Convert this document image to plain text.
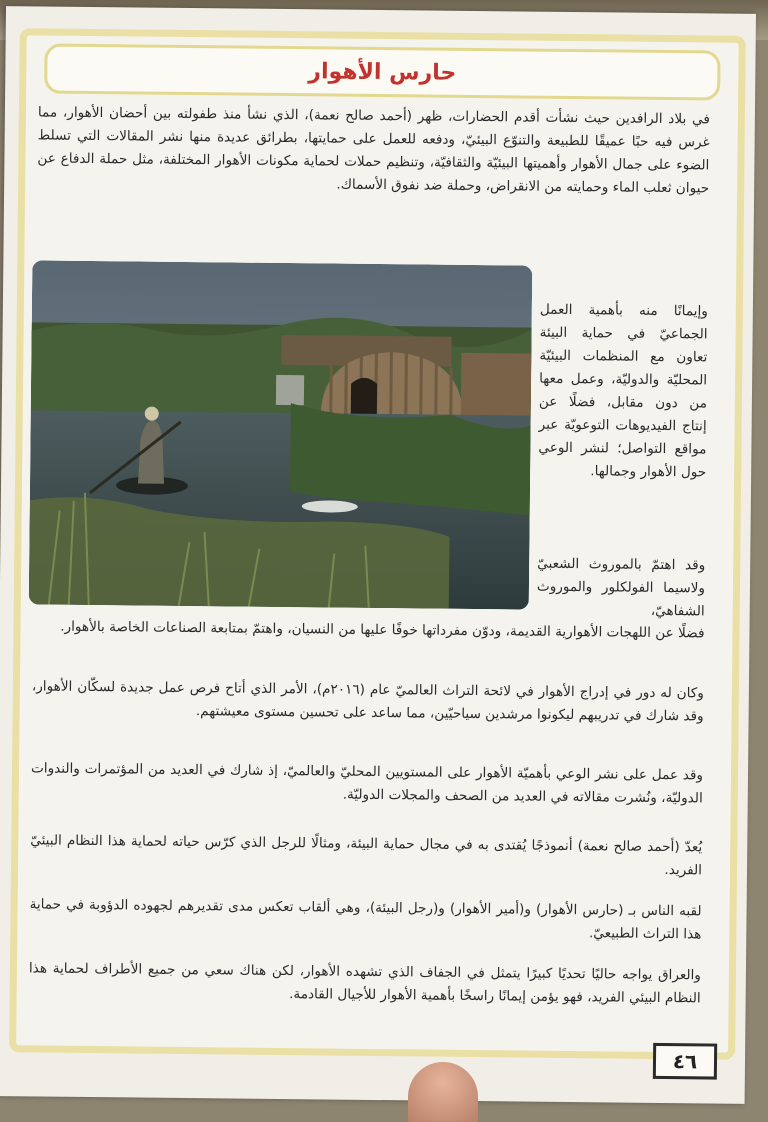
حارس الأهوار

في بلاد الرافدين حيث نشأت أقدم الحضارات، ظهر (أحمد صالح نعمة)، الذي نشأ منذ طفولته بين أحضان الأهوار، مما غرس فيه حبًا عميقًا للطبيعة والتنوّع البيئيّ، ودفعه للعمل على حمايتها، بطرائق عديدة منها نشر المقالات التي تسلط الضوء على جمال الأهوار وأهميتها البيئيّة والثقافيّة، وتنظيم حملات لحماية مكونات الأهوار المختلفة، مثل حملة الدفاع عن حيوان ثعلب الماء وحمايته من الانقراض، وحملة ضد نفوق الأسماك.

وإيمانًا منه بأهمية العمل الجماعيّ في حماية البيئة تعاون مع المنظمات البيئيّة المحليّة والدوليّة، وعمل معها من دون مقابل، فضلًا عن إنتاج الفيديوهات التوعويّة عبر مواقع التواصل؛ لنشر الوعي حول الأهوار وجمالها.

وقد اهتمّ بالموروث الشعبيّ ولاسيما الفولكلور والموروث الشفاهيّ،

فضلًا عن اللهجات الأهوارية القديمة، ودوّن مفرداتها خوفًا عليها من النسيان، واهتمّ بمتابعة الصناعات الخاصة بالأهوار.

وكان له دور في إدراج الأهوار في لائحة التراث العالميّ عام (٢٠١٦م)، الأمر الذي أتاح فرص عمل جديدة لسكّان الأهوار، وقد شارك في تدريبهم ليكونوا مرشدين سياحيّين، مما ساعد على تحسين مستوى معيشتهم.

وقد عمل على نشر الوعي بأهميّة الأهوار على المستويين المحليّ والعالميّ، إذ شارك في العديد من المؤتمرات والندوات الدوليّة، ونُشرت مقالاته في العديد من الصحف والمجلات الدوليّة.

يُعدّ (أحمد صالح نعمة) أنموذجًا يُقتدى به في مجال حماية البيئة، ومثالًا للرجل الذي كرّس حياته لحماية هذا النظام البيئيّ الفريد.

لقبه الناس بـ (حارس الأهوار) و(أمير الأهوار) و(رجل البيئة)، وهي ألقاب تعكس مدى تقديرهم لجهوده الدؤوبة في حماية هذا التراث الطبيعيّ.

والعراق يواجه حاليًا تحديًا كبيرًا يتمثل في الجفاف الذي تشهده الأهوار، لكن هناك سعي من جميع الأطراف لحماية هذا النظام البيئي الفريد، فهو يؤمن إيمانًا راسخًا بأهمية الأهوار للأجيال القادمة.

٤٦
